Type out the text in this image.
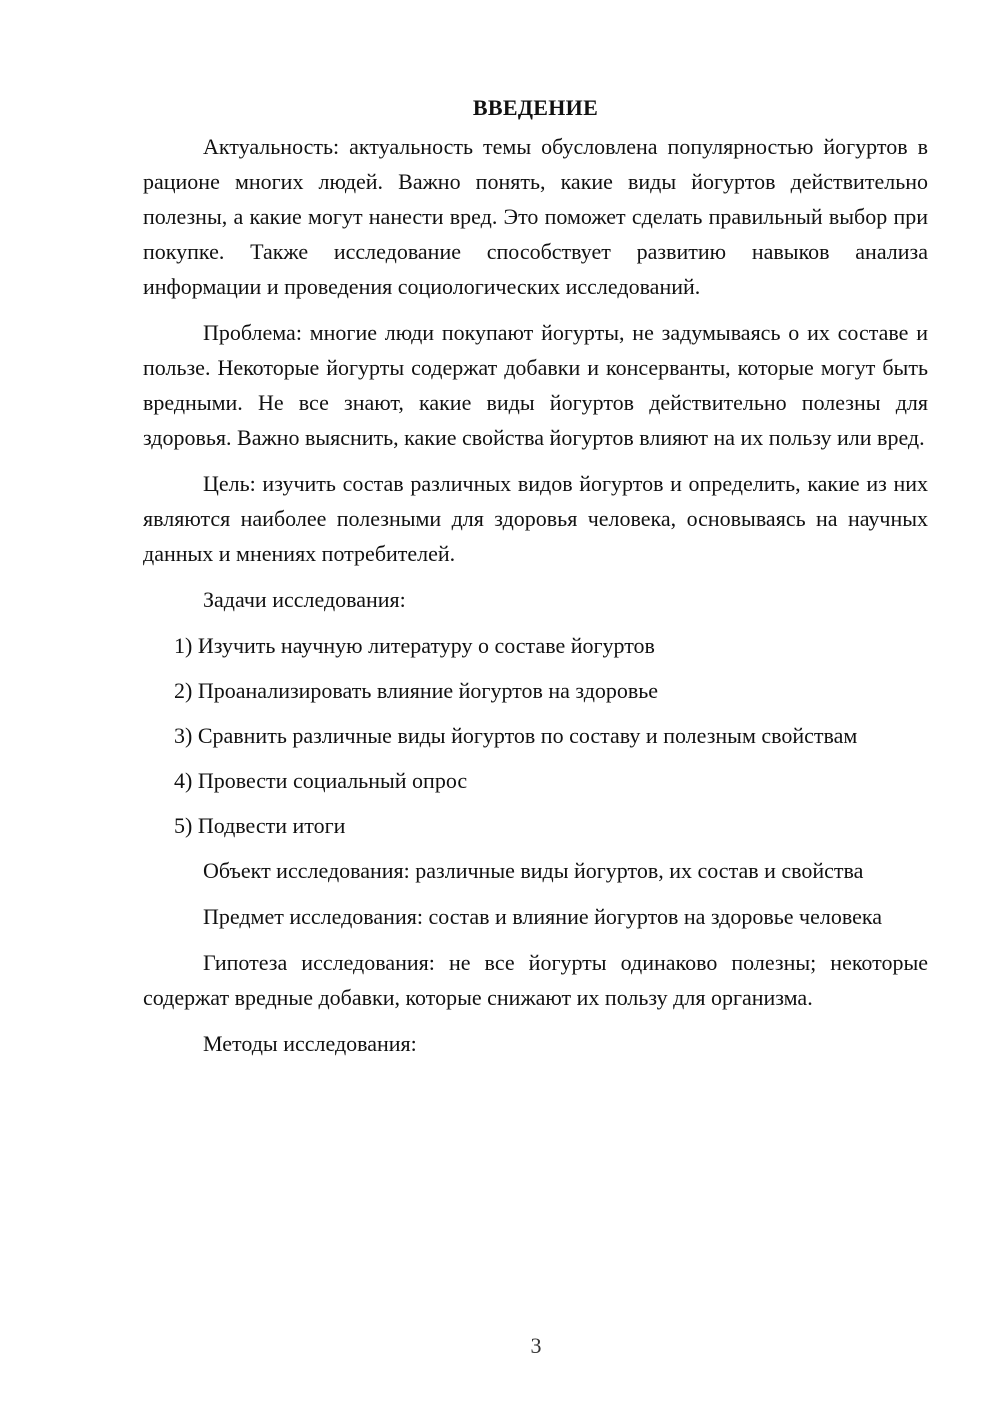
ВВЕДЕНИЕ

Актуальность: актуальность темы обусловлена популярностью йогуртов в рационе многих людей. Важно понять, какие виды йогуртов действительно полезны, а какие могут нанести вред. Это поможет сделать правильный выбор при покупке. Также исследование способствует развитию навыков анализа информации и проведения социологических исследований.

Проблема: многие люди покупают йогурты, не задумываясь о их составе и пользе. Некоторые йогурты содержат добавки и консерванты, которые могут быть вредными. Не все знают, какие виды йогуртов действительно полезны для здоровья. Важно выяснить, какие свойства йогуртов влияют на их пользу или вред.

Цель: изучить состав различных видов йогуртов и определить, какие из них являются наиболее полезными для здоровья человека, основываясь на научных данных и мнениях потребителей.

Задачи исследования:

1) Изучить научную литературу о составе йогуртов

2) Проанализировать влияние йогуртов на здоровье

3) Сравнить различные виды йогуртов по составу и полезным свойствам

4) Провести социальный опрос

5) Подвести итоги

Объект исследования: различные виды йогуртов, их состав и свойства

Предмет исследования: состав и влияние йогуртов на здоровье человека

Гипотеза исследования: не все йогурты одинаково полезны; некоторые содержат вредные добавки, которые снижают их пользу для организма.

Методы исследования:

3
